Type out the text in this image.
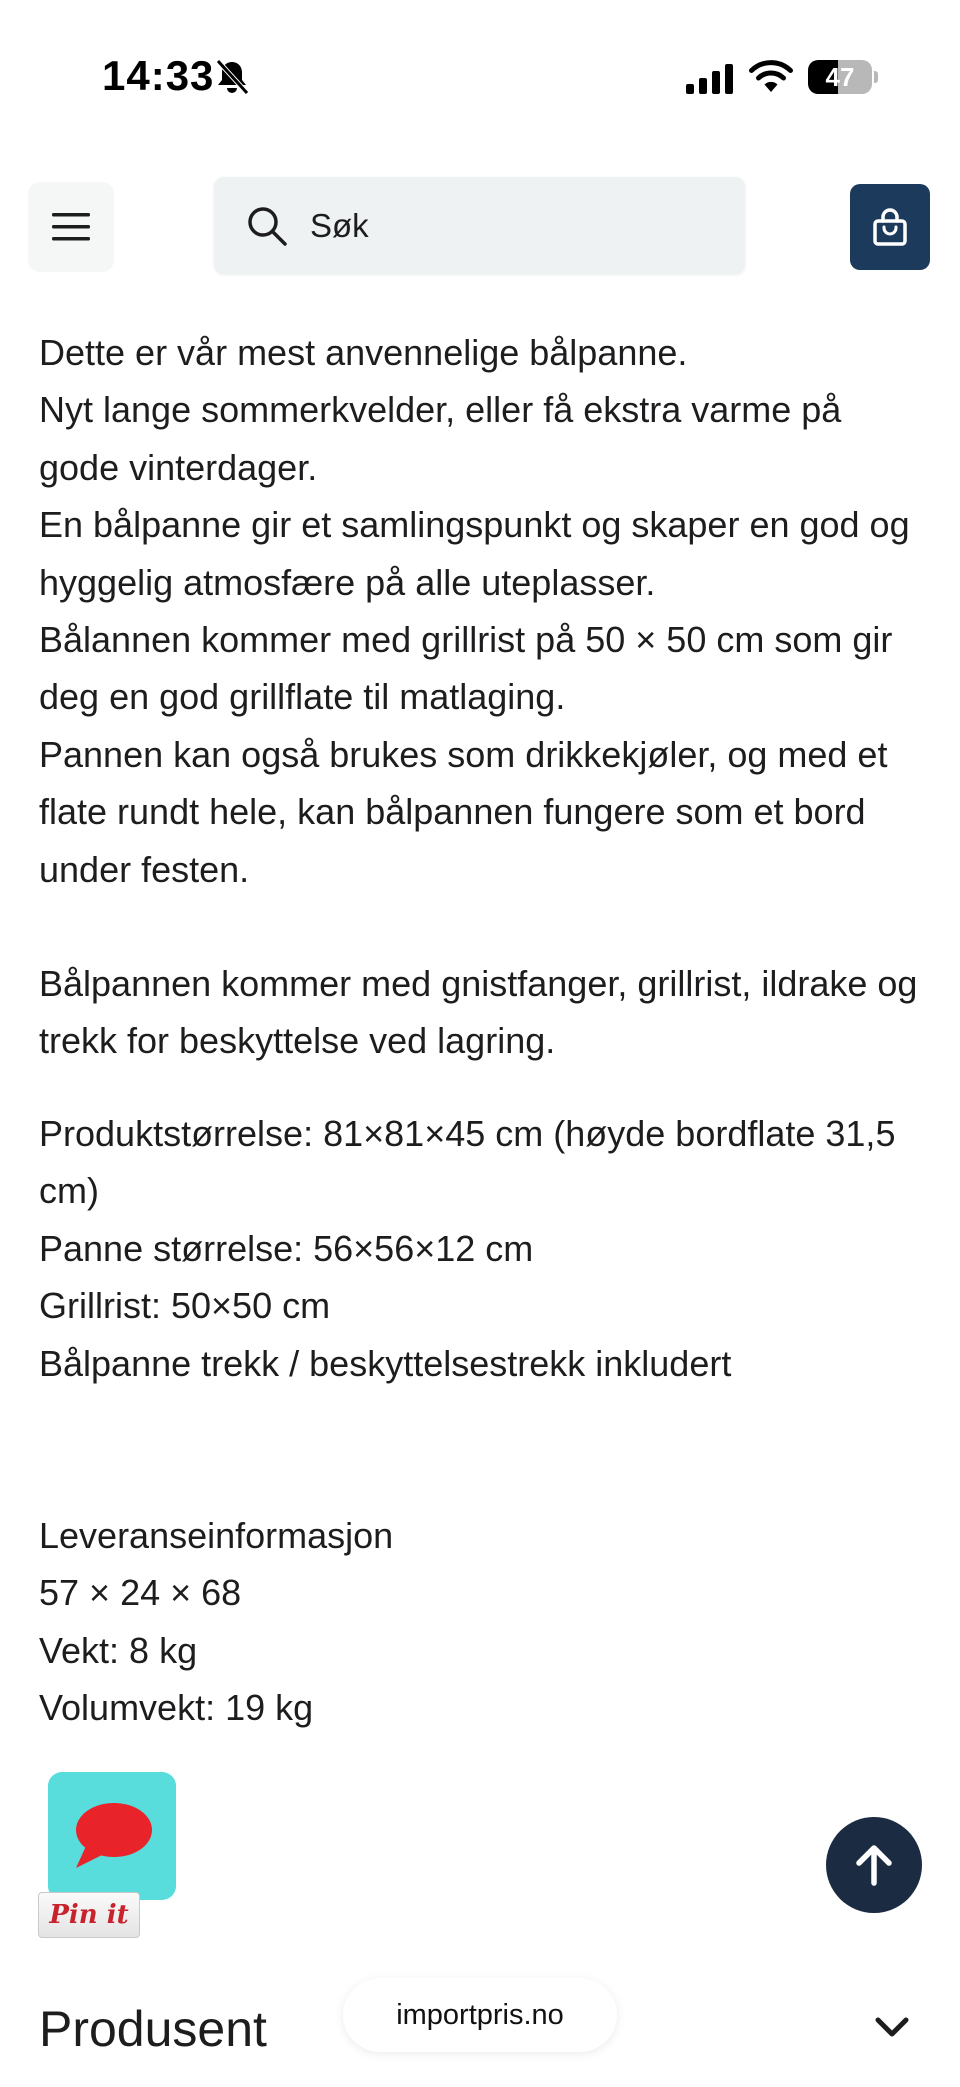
14:33	47
Søk

Dette er vår mest anvennelige bålpanne.
Nyt lange sommerkvelder, eller få ekstra varme på gode vinterdager.
En bålpanne gir et samlingspunkt og skaper en god og hyggelig atmosfære på alle uteplasser.
Bålannen kommer med grillrist på 50 × 50 cm som gir deg en god grillflate til matlaging.
Pannen kan også brukes som drikkekjøler, og med et flate rundt hele, kan bålpannen fungere som et bord under festen.

Bålpannen kommer med gnistfanger, grillrist, ildrake og trekk for beskyttelse ved lagring.

Produktstørrelse: 81×81×45 cm (høyde bordflate 31,5 cm)
Panne størrelse: 56×56×12 cm
Grillrist: 50×50 cm
Bålpanne trekk / beskyttelsestrekk inkludert

Leveranseinformasjon
57 × 24 × 68
Vekt: 8 kg
Volumvekt: 19 kg

Pin it
Produsent	importpris.no
